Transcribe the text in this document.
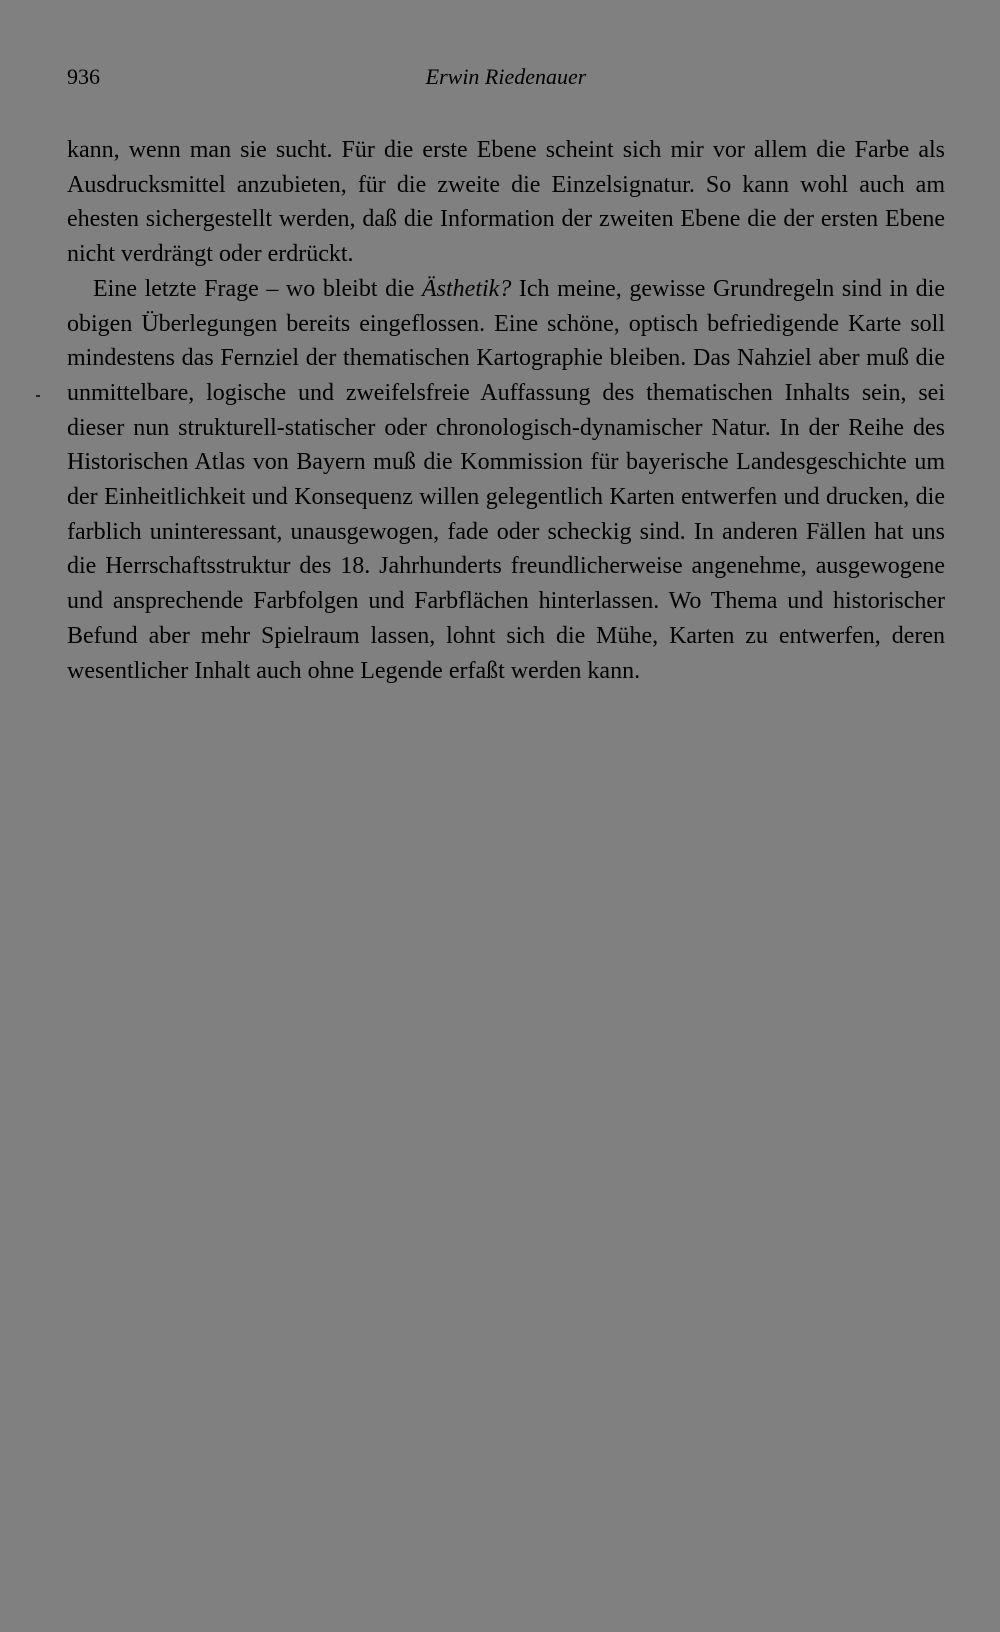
936	Erwin Riedenauer

kann, wenn man sie sucht. Für die erste Ebene scheint sich mir vor allem die Farbe als Ausdrucksmittel anzubieten, für die zweite die Einzelsignatur. So kann wohl auch am ehesten sichergestellt werden, daß die Information der zweiten Ebene die der ersten Ebene nicht verdrängt oder erdrückt.

Eine letzte Frage – wo bleibt die Ästhetik? Ich meine, gewisse Grundregeln sind in die obigen Überlegungen bereits eingeflossen. Eine schöne, optisch befriedigende Karte soll mindestens das Fernziel der thematischen Kartographie bleiben. Das Nahziel aber muß die unmittelbare, logische und zweifelsfreie Auffassung des thematischen Inhalts sein, sei dieser nun strukturell-statischer oder chronologisch-dynamischer Natur. In der Reihe des Historischen Atlas von Bayern muß die Kommission für bayerische Landesgeschichte um der Einheitlichkeit und Konsequenz willen gelegentlich Karten entwerfen und drucken, die farblich uninteressant, unausgewogen, fade oder scheckig sind. In anderen Fällen hat uns die Herrschaftsstruktur des 18. Jahrhunderts freundlicherweise angenehme, ausgewogene und ansprechende Farbfolgen und Farbflächen hinterlassen. Wo Thema und historischer Befund aber mehr Spielraum lassen, lohnt sich die Mühe, Karten zu entwerfen, deren wesentlicher Inhalt auch ohne Legende erfaßt werden kann.
